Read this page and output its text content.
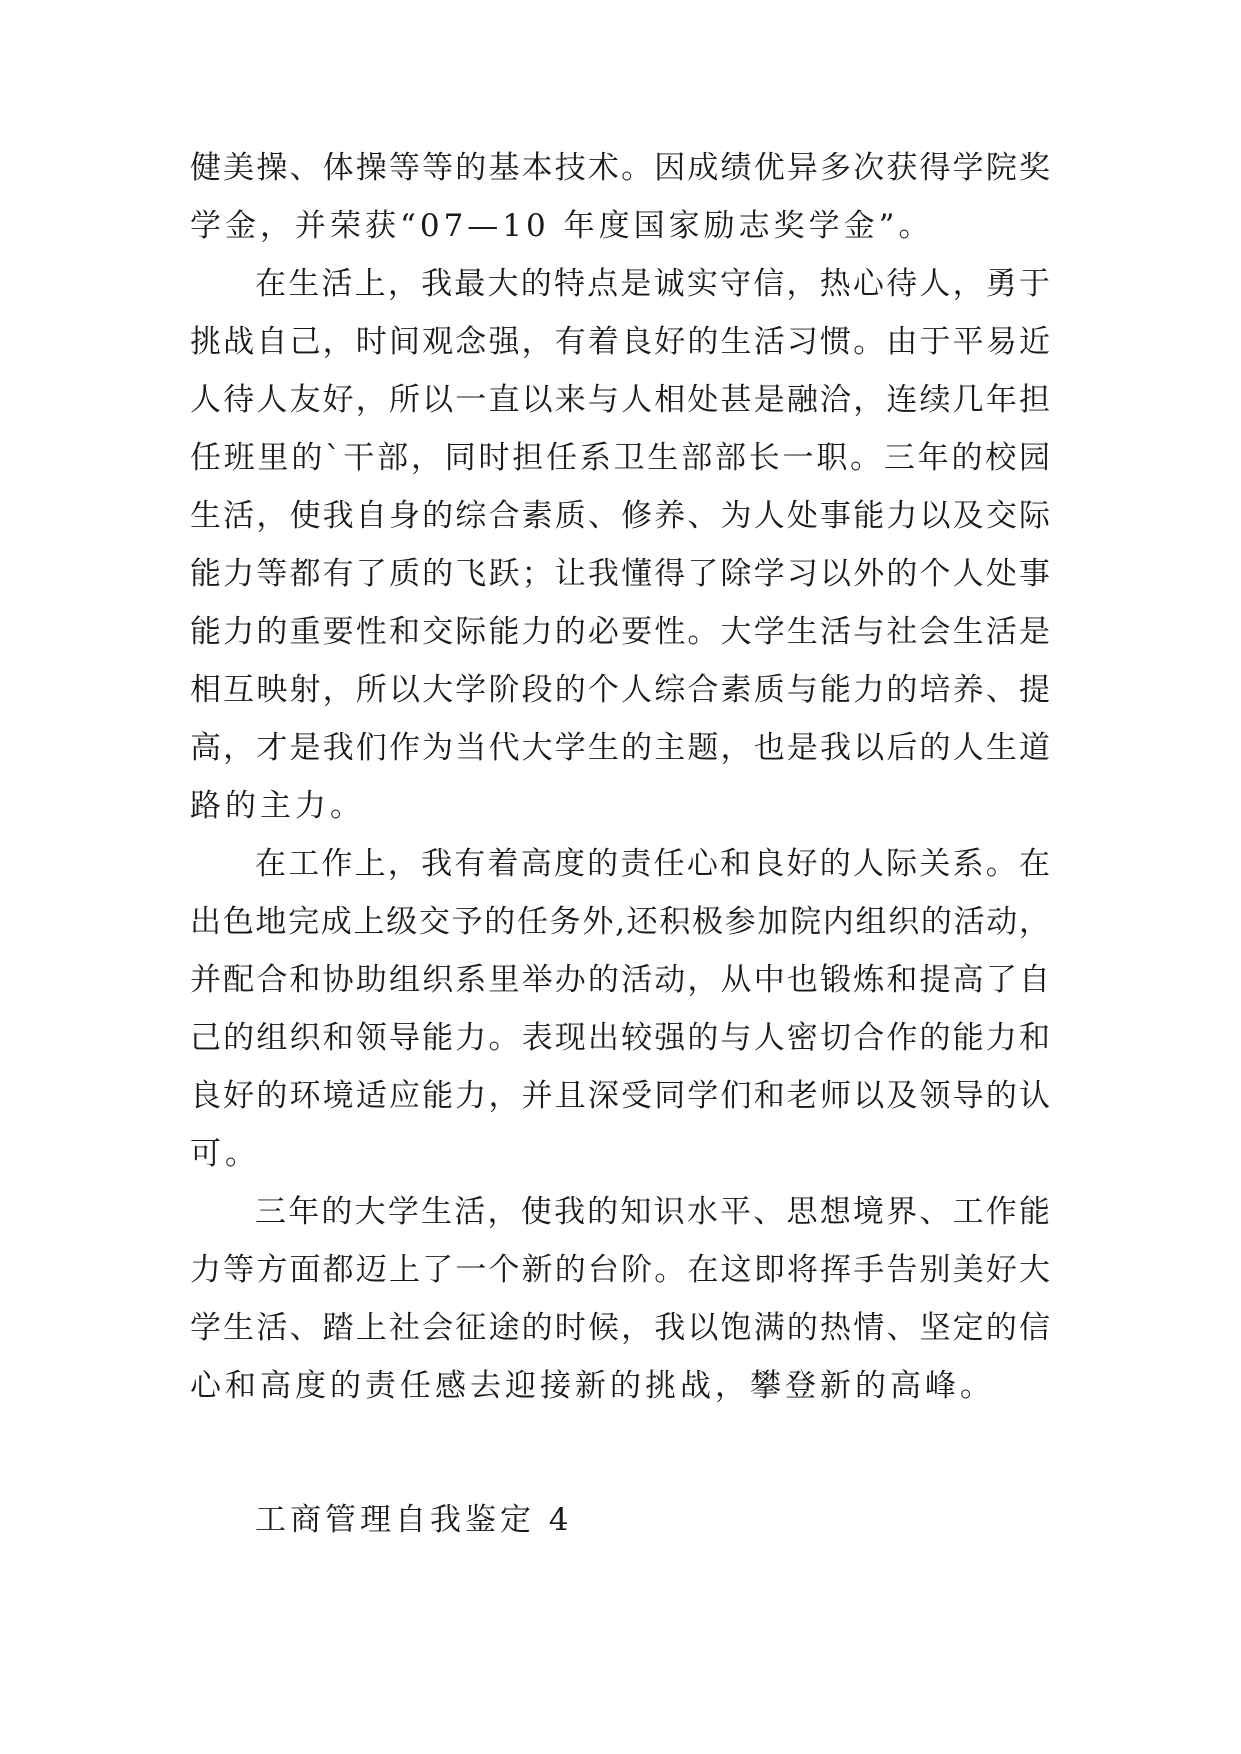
健美操、体操等等的基本技术。因成绩优异多次获得学院奖
学金，并荣获“07—10 年度国家励志奖学金”。
在生活上，我最大的特点是诚实守信，热心待人，勇于
挑战自己，时间观念强，有着良好的生活习惯。由于平易近
人待人友好，所以一直以来与人相处甚是融洽，连续几年担
任班里的`干部，同时担任系卫生部部长一职。三年的校园
生活，使我自身的综合素质、修养、为人处事能力以及交际
能力等都有了质的飞跃；让我懂得了除学习以外的个人处事
能力的重要性和交际能力的必要性。大学生活与社会生活是
相互映射，所以大学阶段的个人综合素质与能力的培养、提
高，才是我们作为当代大学生的主题，也是我以后的人生道
路的主力。
在工作上，我有着高度的责任心和良好的人际关系。在
出色地完成上级交予的任务外,还积极参加院内组织的活动，
并配合和协助组织系里举办的活动，从中也锻炼和提高了自
己的组织和领导能力。表现出较强的与人密切合作的能力和
良好的环境适应能力，并且深受同学们和老师以及领导的认
可。
三年的大学生活，使我的知识水平、思想境界、工作能
力等方面都迈上了一个新的台阶。在这即将挥手告别美好大
学生活、踏上社会征途的时候，我以饱满的热情、坚定的信
心和高度的责任感去迎接新的挑战，攀登新的高峰。
工商管理自我鉴定 4
